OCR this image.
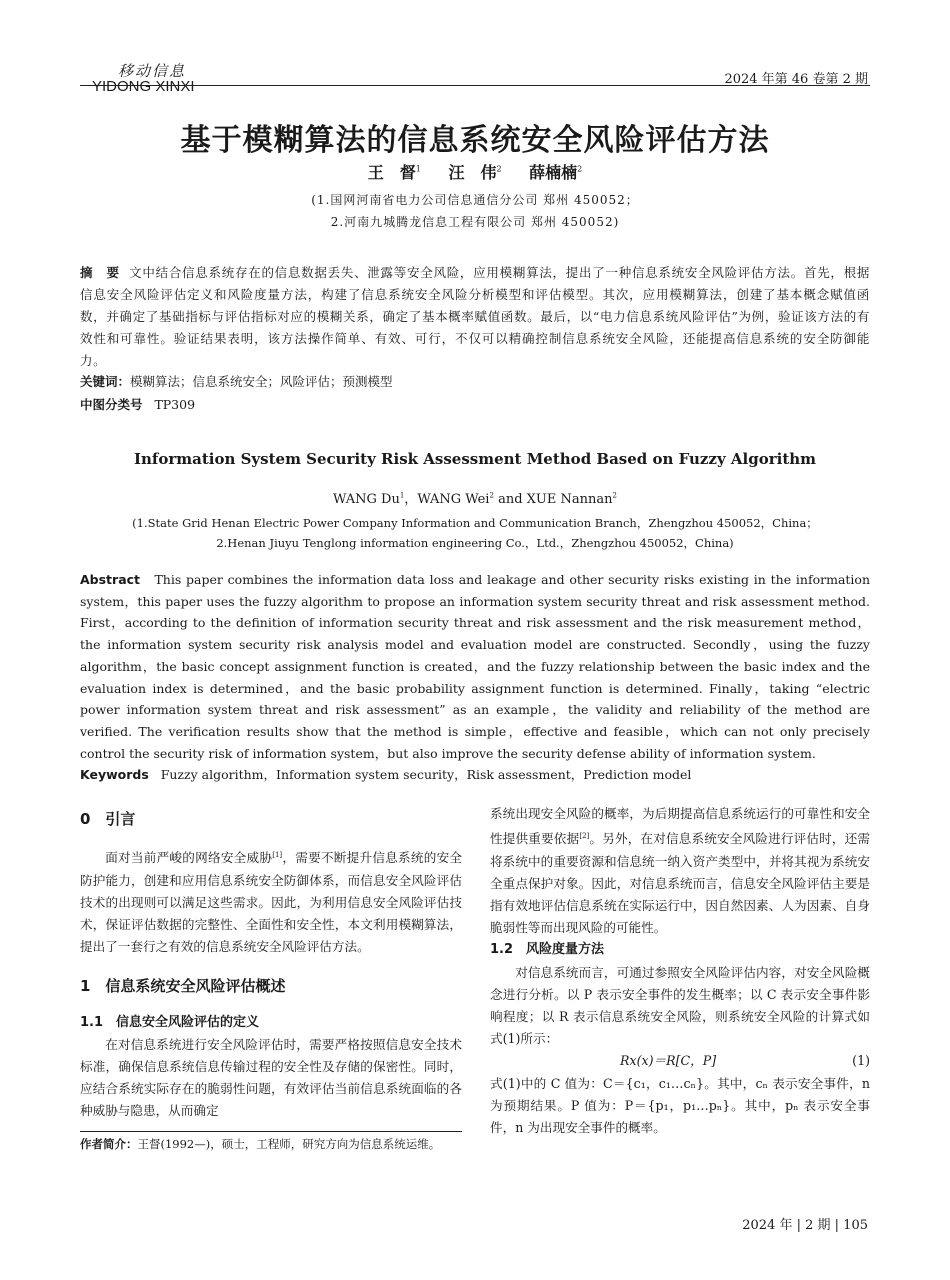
移动信息
YIDONG XINXI	2024 年第 46 卷第 2 期
基于模糊算法的信息系统安全风险评估方法
王　督$^1$ 汪　伟$^2$ 薛楠楠$^2$
(1.国网河南省电力公司信息通信分公司 郑州 450052；
2.河南九城腾龙信息工程有限公司 郑州 450052)
摘　要 文中结合信息系统存在的信息数据丢失、泄露等安全风险，应用模糊算法，提出了一种信息系统安全风险评估方法。首先，根据信息安全风险评估定义和风险度量方法，构建了信息系统安全风险分析模型和评估模型。其次，应用模糊算法，创建了基本概念赋值函数，并确定了基础指标与评估指标对应的模糊关系，确定了基本概率赋值函数。最后，以“电力信息系统风险评估”为例，验证该方法的有效性和可靠性。验证结果表明，该方法操作简单、有效、可行，不仅可以精确控制信息系统安全风险，还能提高信息系统的安全防御能力。
关键词：模糊算法；信息系统安全；风险评估；预测模型
中图分类号 TP309
Information System Security Risk Assessment Method Based on Fuzzy Algorithm
WANG Du$^1$，WANG Wei$^2$ and XUE Nannan$^2$
(1.State Grid Henan Electric Power Company Information and Communication Branch，Zhengzhou 450052，China；
2.Henan Jiuyu Tenglong information engineering Co.，Ltd.，Zhengzhou 450052，China)
Abstract This paper combines the information data loss and leakage and other security risks existing in the information system，this paper uses the fuzzy algorithm to propose an information system security threat and risk assessment method. First，according to the definition of information security threat and risk assessment and the risk measurement method，the information system security risk analysis model and evaluation model are constructed. Secondly，using the fuzzy algorithm，the basic concept assignment function is created，and the fuzzy relationship between the basic index and the evaluation index is determined，and the basic probability assignment function is determined. Finally，taking “electric power information system threat and risk assessment” as an example，the validity and reliability of the method are verified. The verification results show that the method is simple，effective and feasible，which can not only precisely control the security risk of information system，but also improve the security defense ability of information system.
Keywords Fuzzy algorithm，Information system security，Risk assessment，Prediction model
0　引言

面对当前严峻的网络安全威胁[1]，需要不断提升信息系统的安全防护能力，创建和应用信息系统安全防御体系，而信息安全风险评估技术的出现则可以满足这些需求。因此，为利用信息安全风险评估技术，保证评估数据的完整性、全面性和安全性，本文利用模糊算法，提出了一套行之有效的信息系统安全风险评估方法。

1　信息系统安全风险评估概述
1.1　信息安全风险评估的定义

在对信息系统进行安全风险评估时，需要严格按照信息安全技术标准，确保信息系统信息传输过程的安全性及存储的保密性。同时，应结合系统实际存在的脆弱性问题，有效评估当前信息系统面临的各种威胁与隐患，从而确定

作者简介：王督(1992—)，硕士，工程师，研究方向为信息系统运维。

系统出现安全风险的概率，为后期提高信息系统运行的可靠性和安全性提供重要依据[2]。另外，在对信息系统安全风险进行评估时，还需将系统中的重要资源和信息统一纳入资产类型中，并将其视为系统安全重点保护对象。因此，对信息系统而言，信息安全风险评估主要是指有效地评估信息系统在实际运行中，因自然因素、人为因素、自身脆弱性等而出现风险的可能性。

1.2　风险度量方法

对信息系统而言，可通过参照安全风险评估内容，对安全风险概念进行分析。以 P 表示安全事件的发生概率；以 C 表示安全事件影响程度；以 R 表示信息系统安全风险，则系统安全风险的计算式如式(1)所示：

Rx(x)＝R[C，P]	(1)

式(1)中的 C 值为：C＝{c₁，c₁…cₙ}。其中，cₙ 表示安全事件，n 为预期结果。P 值为：P＝{p₁，p₁…pₙ}。其中，pₙ 表示安全事件，n 为出现安全事件的概率。

2024 年 | 2 期 | 105
